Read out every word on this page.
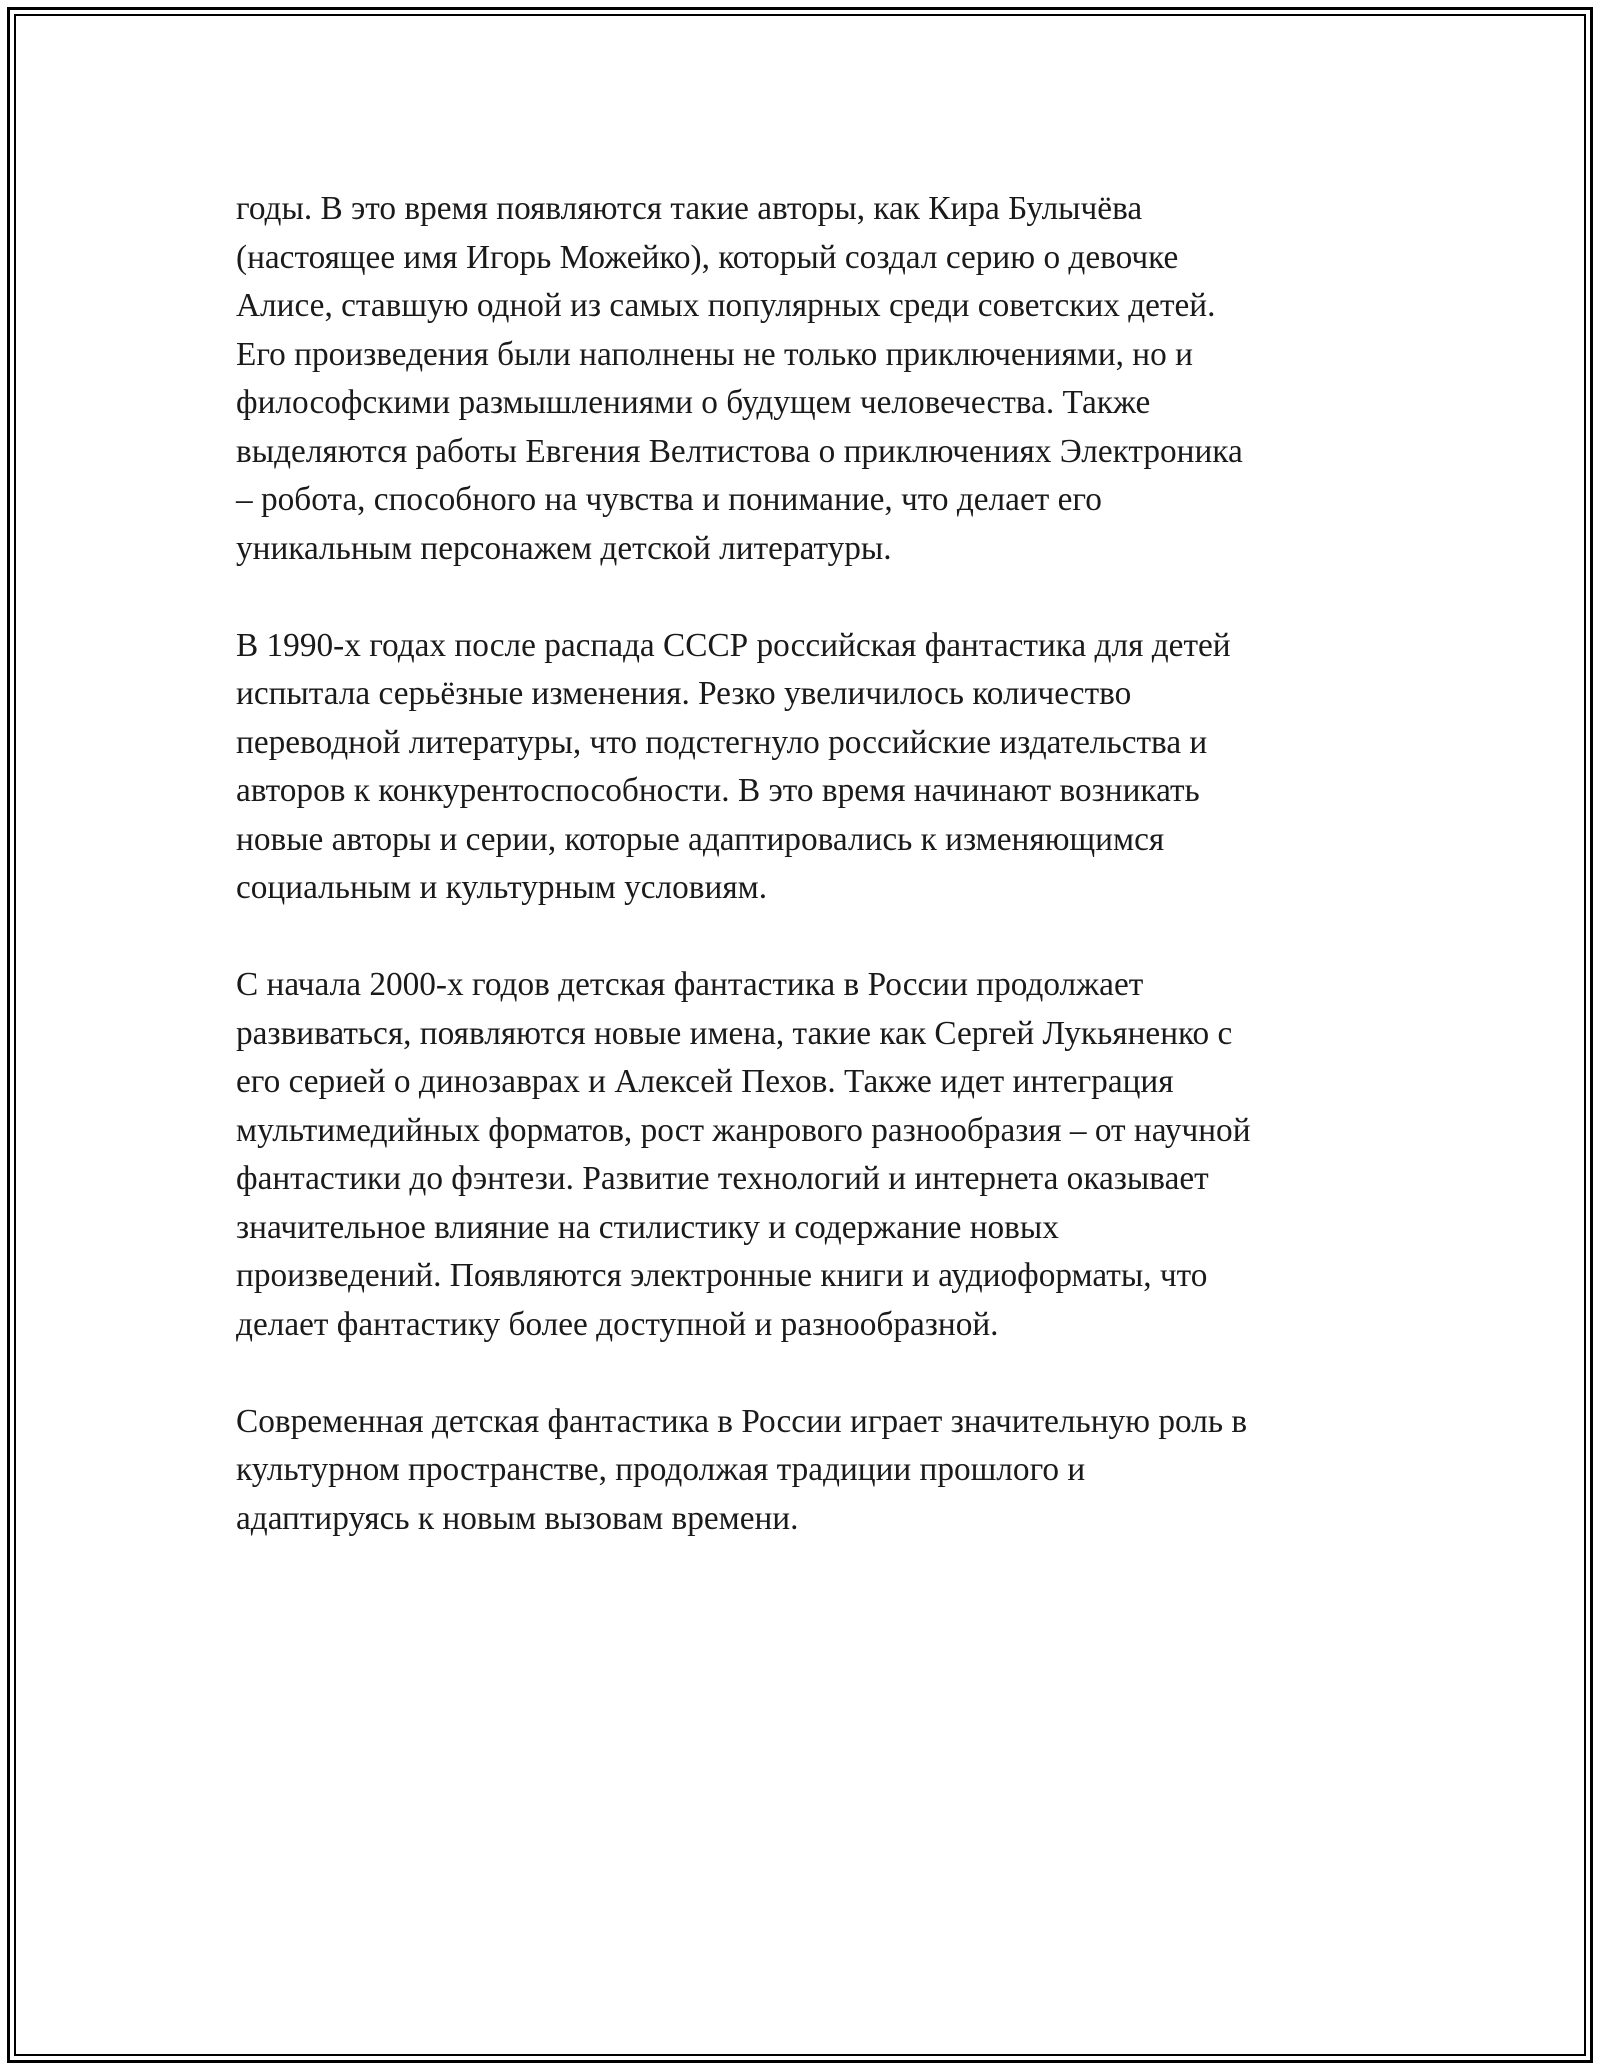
годы. В это время появляются такие авторы, как Кира Булычёва
(настоящее имя Игорь Можейко), который создал серию о девочке
Алисе, ставшую одной из самых популярных среди советских детей.
Его произведения были наполнены не только приключениями, но и
философскими размышлениями о будущем человечества. Также
выделяются работы Евгения Велтистова о приключениях Электроника
– робота, способного на чувства и понимание, что делает его
уникальным персонажем детской литературы.

В 1990-х годах после распада СССР российская фантастика для детей
испытала серьёзные изменения. Резко увеличилось количество
переводной литературы, что подстегнуло российские издательства и
авторов к конкурентоспособности. В это время начинают возникать
новые авторы и серии, которые адаптировались к изменяющимся
социальным и культурным условиям.

С начала 2000-х годов детская фантастика в России продолжает
развиваться, появляются новые имена, такие как Сергей Лукьяненко с
его серией о динозаврах и Алексей Пехов. Также идет интеграция
мультимедийных форматов, рост жанрового разнообразия – от научной
фантастики до фэнтези. Развитие технологий и интернета оказывает
значительное влияние на стилистику и содержание новых
произведений. Появляются электронные книги и аудиоформаты, что
делает фантастику более доступной и разнообразной.

Современная детская фантастика в России играет значительную роль в
культурном пространстве, продолжая традиции прошлого и
адаптируясь к новым вызовам времени.
